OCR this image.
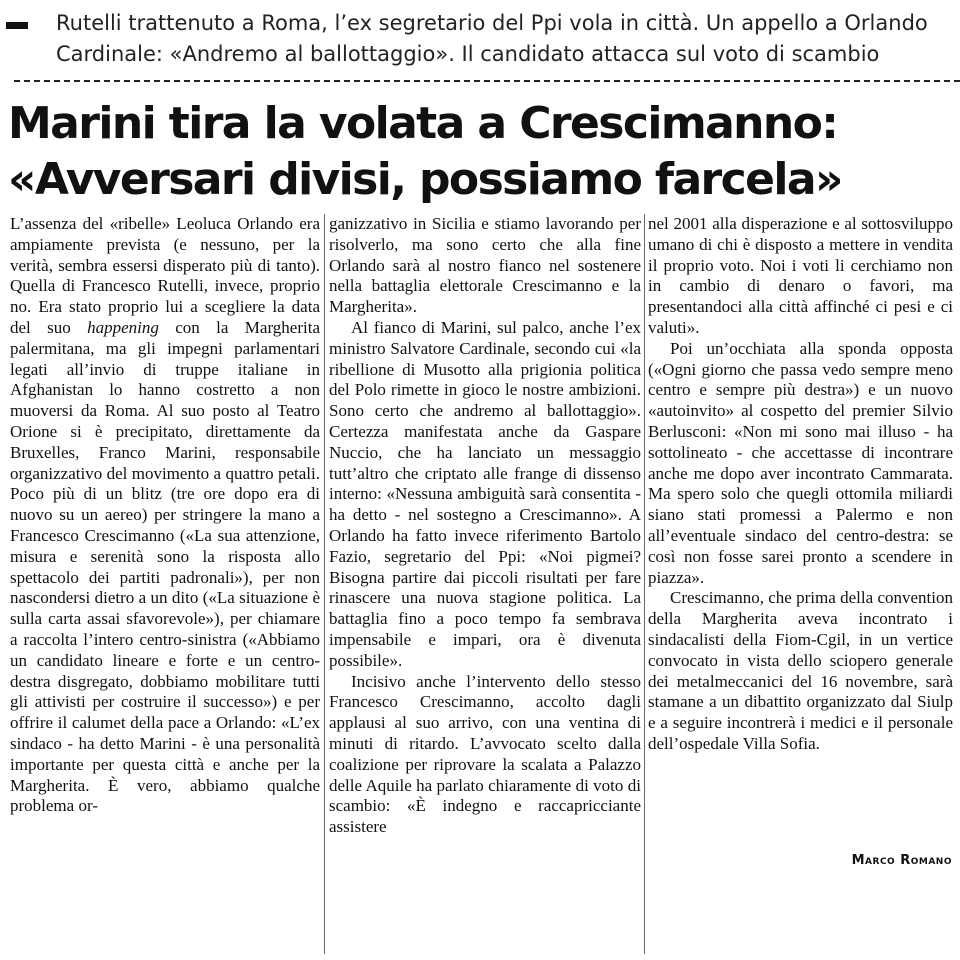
Rutelli trattenuto a Roma, l’ex segretario del Ppi vola in città. Un appello a Orlando
Cardinale: «Andremo al ballottaggio». Il candidato attacca sul voto di scambio
Marini tira la volata a Crescimanno:
«Avversari divisi, possiamo farcela»

L’assenza del «ribelle» Leoluca Orlando era ampiamente prevista (e nessuno, per la verità, sembra essersi disperato più di tanto). Quella di Francesco Rutelli, invece, proprio no. Era stato proprio lui a scegliere la data del suo happening con la Margherita palermitana, ma gli impegni parlamentari legati all’invio di truppe italiane in Afghanistan lo hanno costretto a non muoversi da Roma. Al suo posto al Teatro Orione si è precipitato, direttamente da Bruxelles, Franco Marini, responsabile organizzativo del movimento a quattro petali. Poco più di un blitz (tre ore dopo era di nuovo su un aereo) per stringere la mano a Francesco Crescimanno («La sua attenzione, misura e serenità sono la risposta allo spettacolo dei partiti padronali»), per non nascondersi dietro a un dito («La situazione è sulla carta assai sfavorevole»), per chiamare a raccolta l’intero centro-sinistra («Abbiamo un candidato lineare e forte e un centro-destra disgregato, dobbiamo mobilitare tutti gli attivisti per costruire il successo») e per offrire il calumet della pace a Orlando: «L’ex sindaco - ha detto Marini - è una personalità importante per questa città e anche per la Margherita. È vero, abbiamo qualche problema or-

ganizzativo in Sicilia e stiamo lavorando per risolverlo, ma sono certo che alla fine Orlando sarà al nostro fianco nel sostenere nella battaglia elettorale Crescimanno e la Margherita».

Al fianco di Marini, sul palco, anche l’ex ministro Salvatore Cardinale, secondo cui «la ribellione di Musotto alla prigionia politica del Polo rimette in gioco le nostre ambizioni. Sono certo che andremo al ballottaggio». Certezza manifestata anche da Gaspare Nuccio, che ha lanciato un messaggio tutt’altro che criptato alle frange di dissenso interno: «Nessuna ambiguità sarà consentita - ha detto - nel sostegno a Crescimanno». A Orlando ha fatto invece riferimento Bartolo Fazio, segretario del Ppi: «Noi pigmei? Bisogna partire dai piccoli risultati per fare rinascere una nuova stagione politica. La battaglia fino a poco tempo fa sembrava impensabile e impari, ora è divenuta possibile».

Incisivo anche l’intervento dello stesso Francesco Crescimanno, accolto dagli applausi al suo arrivo, con una ventina di minuti di ritardo. L’avvocato scelto dalla coalizione per riprovare la scalata a Palazzo delle Aquile ha parlato chiaramente di voto di scambio: «È indegno e raccapricciante assistere

nel 2001 alla disperazione e al sottosviluppo umano di chi è disposto a mettere in vendita il proprio voto. Noi i voti li cerchiamo non in cambio di denaro o favori, ma presentandoci alla città affinché ci pesi e ci valuti».

Poi un’occhiata alla sponda opposta («Ogni giorno che passa vedo sempre meno centro e sempre più destra») e un nuovo «autoinvito» al cospetto del premier Silvio Berlusconi: «Non mi sono mai illuso - ha sottolineato - che accettasse di incontrare anche me dopo aver incontrato Cammarata. Ma spero solo che quegli ottomila miliardi siano stati promessi a Palermo e non all’eventuale sindaco del centro-destra: se così non fosse sarei pronto a scendere in piazza».

Crescimanno, che prima della convention della Margherita aveva incontrato i sindacalisti della Fiom-Cgil, in un vertice convocato in vista dello sciopero generale dei metalmeccanici del 16 novembre, sarà stamane a un dibattito organizzato dal Siulp e a seguire incontrerà i medici e il personale dell’ospedale Villa Sofia.

Marco Romano
